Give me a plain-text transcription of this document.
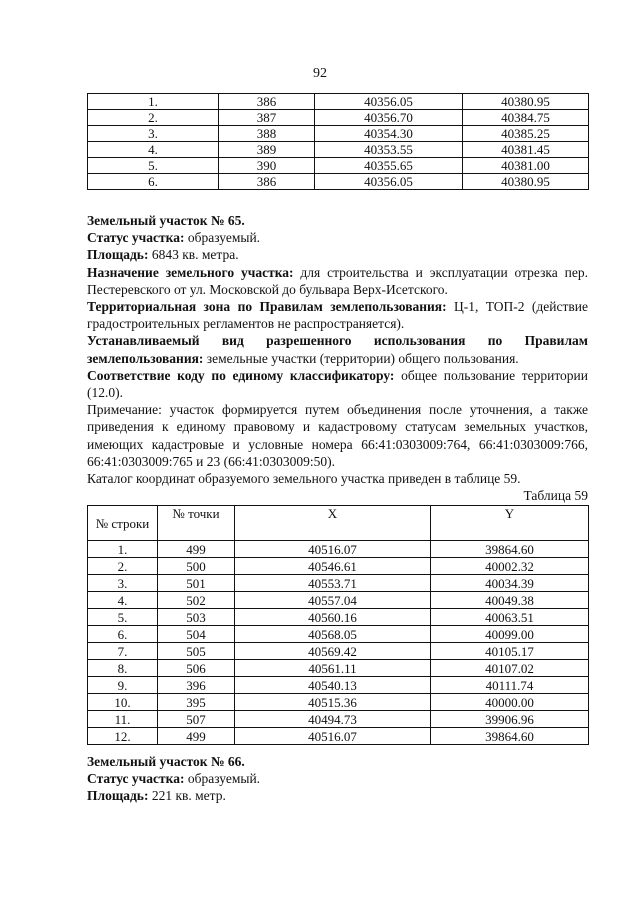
92
1.	386	40356.05	40380.95
2.	387	40356.70	40384.75
3.	388	40354.30	40385.25
4.	389	40353.55	40381.45
5.	390	40355.65	40381.00
6.	386	40356.05	40380.95

Земельный участок № 65.

Статус участка: образуемый.

Площадь: 6843 кв. метра.

Назначение земельного участка: для строительства и эксплуатации отрезка пер. Пестеревского от ул. Московской до бульвара Верх-Исетского.

Территориальная зона по Правилам землепользования: Ц-1, ТОП-2 (действие градостроительных регламентов не распространяется).

Устанавливаемый вид разрешенного использования по Правилам

землепользования: земельные участки (территории) общего пользования.

Соответствие коду по единому классификатору: общее пользование территории (12.0).

Примечание: участок формируется путем объединения после уточнения, а также приведения к единому правовому и кадастровому статусам земельных участков, имеющих кадастровые и условные номера 66:41:0303009:764, 66:41:0303009:766, 66:41:0303009:765 и 23 (66:41:0303009:50).

Каталог координат образуемого земельного участка приведен в таблице 59.

Таблица 59
№ строки	№ точки	X	Y
1.	499	40516.07	39864.60
2.	500	40546.61	40002.32
3.	501	40553.71	40034.39
4.	502	40557.04	40049.38
5.	503	40560.16	40063.51
6.	504	40568.05	40099.00
7.	505	40569.42	40105.17
8.	506	40561.11	40107.02
9.	396	40540.13	40111.74
10.	395	40515.36	40000.00
11.	507	40494.73	39906.96
12.	499	40516.07	39864.60

Земельный участок № 66.

Статус участка: образуемый.

Площадь: 221 кв. метр.
